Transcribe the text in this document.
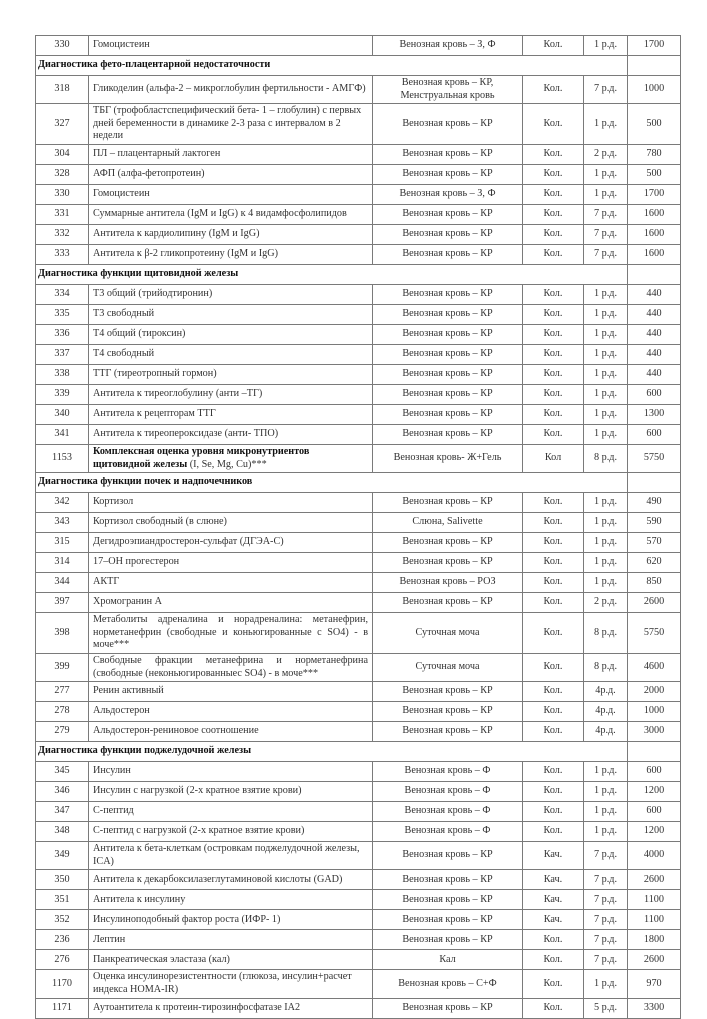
330	Гомоцистеин	Венозная кровь – З, Ф	Кол.	1 р.д.	1700
Диагностика фето-плацентарной недостаточности					
318	Гликоделин (альфа-2 – микроглобулин фертильности - АМГФ)	Венозная кровь – КР, Менструальная кровь	Кол.	7 р.д.	1000
327	ТБГ (трофобластспецифический бета- 1 – глобулин) с первых дней беременности в динамике 2-3 раза с интервалом в 2 недели	Венозная кровь – КР	Кол.	1 р.д.	500
304	ПЛ – плацентарный лактоген	Венозная кровь – КР	Кол.	2 р.д.	780
328	АФП (алфа-фетопротеин)	Венозная кровь – КР	Кол.	1 р.д.	500
330	Гомоцистеин	Венозная кровь – З, Ф	Кол.	1 р.д.	1700
331	Суммарные антитела (IgM и IgG) к 4 видамфосфолипидов	Венозная кровь – КР	Кол.	7 р.д.	1600
332	Антитела к кардиолипину (IgM и IgG)	Венозная кровь – КР	Кол.	7 р.д.	1600
333	Антитела к β-2 гликопротеину (IgM и IgG)	Венозная кровь – КР	Кол.	7 р.д.	1600
Диагностика функции щитовидной железы					
334	Т3 общий (трийодтиронин)	Венозная кровь – КР	Кол.	1 р.д.	440
335	Т3 свободный	Венозная кровь – КР	Кол.	1 р.д.	440
336	Т4 общий (тироксин)	Венозная кровь – КР	Кол.	1 р.д.	440
337	Т4 свободный	Венозная кровь – КР	Кол.	1 р.д.	440
338	ТТГ (тиреотропный гормон)	Венозная кровь – КР	Кол.	1 р.д.	440
339	Антитела к тиреоглобулину (анти –ТГ)	Венозная кровь – КР	Кол.	1 р.д.	600
340	Антитела к рецепторам ТТГ	Венозная кровь – КР	Кол.	1 р.д.	1300
341	Антитела к тиреопероксидазе (анти- ТПО)	Венозная кровь – КР	Кол.	1 р.д.	600
1153	Комплексная оценка уровня микронутриентов щитовидной железы (I, Se, Mg, Cu)***	Венозная кровь- Ж+Гель	Кол	8 р.д.	5750
Диагностика функции почек и надпочечников					
342	Кортизол	Венозная кровь – КР	Кол.	1 р.д.	490
343	Кортизол свободный (в слюне)	Слюна, Salivette	Кол.	1 р.д.	590
315	Дегидроэпиандростерон-сульфат (ДГЭА-С)	Венозная кровь – КР	Кол.	1 р.д.	570
314	17–ОН прогестерон	Венозная кровь – КР	Кол.	1 р.д.	620
344	АКТГ	Венозная кровь – РОЗ	Кол.	1 р.д.	850
397	Хромогранин А	Венозная кровь – КР	Кол.	2 р.д.	2600
398	Метаболиты адреналина и норадреналина: метанефрин, норметанефрин (свободные и коньюгированные с SO4) - в моче***	Суточная моча	Кол.	8 р.д.	5750
399	Свободные фракции метанефрина и норметанефрина (свободные (неконьюгированныес SO4) - в моче***	Суточная моча	Кол.	8 р.д.	4600
277	Ренин активный	Венозная кровь – КР	Кол.	4р.д.	2000
278	Альдостерон	Венозная кровь – КР	Кол.	4р.д.	1000
279	Альдостерон-рениновое соотношение	Венозная кровь – КР	Кол.	4р.д.	3000
Диагностика функции поджелудочной железы					
345	Инсулин	Венозная кровь – Ф	Кол.	1 р.д.	600
346	Инсулин с нагрузкой (2-х кратное взятие крови)	Венозная кровь – Ф	Кол.	1 р.д.	1200
347	С-пептид	Венозная кровь – Ф	Кол.	1 р.д.	600
348	С-пептид с нагрузкой (2-х кратное взятие крови)	Венозная кровь – Ф	Кол.	1 р.д.	1200
349	Антитела к бета-клеткам (островкам поджелудочной железы, ICA)	Венозная кровь – КР	Кач.	7 р.д.	4000
350	Антитела к декарбоксилазеглутаминовой кислоты (GAD)	Венозная кровь – КР	Кач.	7 р.д.	2600
351	Антитела к инсулину	Венозная кровь – КР	Кач.	7 р.д.	1100
352	Инсулиноподобный фактор роста (ИФР- 1)	Венозная кровь – КР	Кач.	7 р.д.	1100
236	Лептин	Венозная кровь – КР	Кол.	7 р.д.	1800
276	Панкреатическая эластаза (кал)	Кал	Кол.	7 р.д.	2600
1170	Оценка инсулинорезистентности (глюкоза, инсулин+расчет индекса HOMA-IR)	Венозная кровь – С+Ф	Кол.	1 р.д.	970
1171	Аутоантитела к протеин-тирозинфосфатазе IA2	Венозная кровь – КР	Кол.	5 р.д.	3300
